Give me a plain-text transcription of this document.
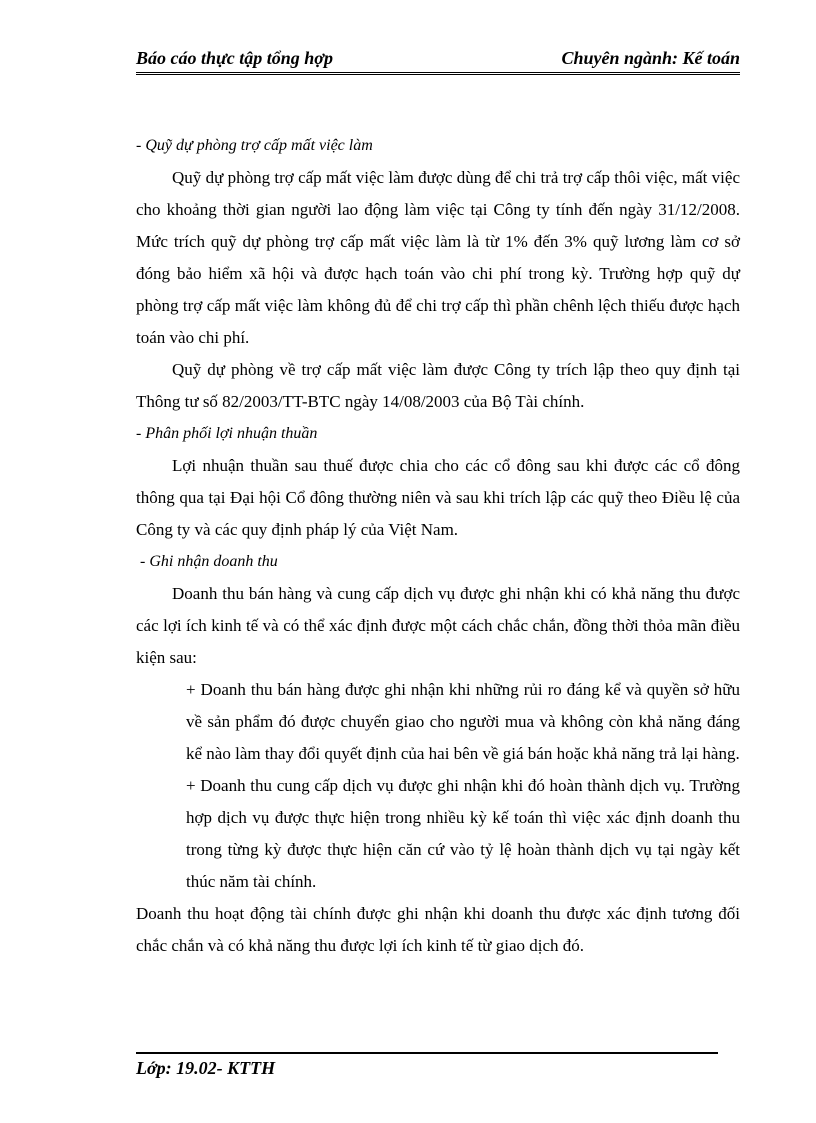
Báo cáo thực tập tổng hợp	Chuyên ngành: Kế toán

- Quỹ dự phòng trợ cấp mất việc làm

Quỹ dự phòng trợ cấp mất việc làm được dùng để chi trả trợ cấp thôi việc, mất việc cho khoảng thời gian người lao động làm việc tại Công ty tính đến ngày 31/12/2008. Mức trích quỹ dự phòng trợ cấp mất việc làm là từ 1% đến 3% quỹ lương làm cơ sở đóng bảo hiểm xã hội và được hạch toán vào chi phí trong kỳ. Trường hợp quỹ dự phòng trợ cấp mất việc làm không đủ để chi trợ cấp thì phần chênh lệch thiếu được hạch toán vào chi phí.

Quỹ dự phòng về trợ cấp mất việc làm được Công ty trích lập theo quy định tại Thông tư số 82/2003/TT-BTC ngày 14/08/2003 của Bộ Tài chính.

- Phân phối lợi nhuận thuần

Lợi nhuận thuần sau thuế được chia cho các cổ đông sau khi được các cổ đông thông qua tại Đại hội Cổ đông thường niên và sau khi trích lập các quỹ theo Điều lệ của Công ty và các quy định pháp lý của Việt Nam.

- Ghi nhận doanh thu

Doanh thu bán hàng và cung cấp dịch vụ được ghi nhận khi có khả năng thu được các lợi ích kinh tế và có thể xác định được một cách chắc chắn, đồng thời thỏa mãn điều kiện sau:

+ Doanh thu bán hàng được ghi nhận khi những rủi ro đáng kể và quyền sở hữu về sản phẩm đó được chuyển giao cho người mua và không còn khả năng đáng kể nào làm thay đổi quyết định của hai bên về giá bán hoặc khả năng trả lại hàng.

+ Doanh thu cung cấp dịch vụ được ghi nhận khi đó hoàn thành dịch vụ. Trường hợp dịch vụ được thực hiện trong nhiều kỳ kế toán thì việc xác định doanh thu trong từng kỳ được thực hiện căn cứ vào tỷ lệ hoàn thành dịch vụ tại ngày kết thúc năm tài chính.

Doanh thu hoạt động tài chính được ghi nhận khi doanh thu được xác định tương đối chắc chắn và có khả năng thu được lợi ích kinh tế từ giao dịch đó.

Lớp: 19.02- KTTH
